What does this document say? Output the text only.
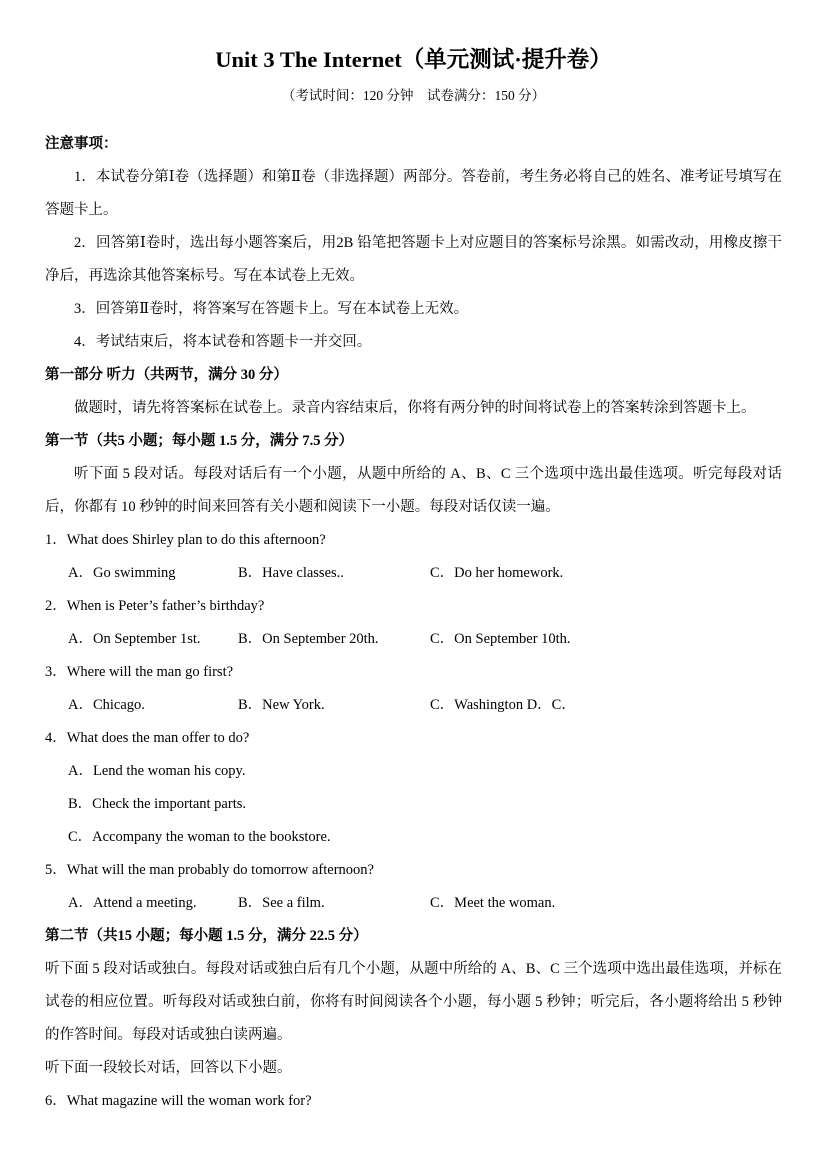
Unit 3 The Internet（单元测试·提升卷）

（考试时间：120 分钟　试卷满分：150 分）

注意事项：

1．本试卷分第Ⅰ卷（选择题）和第Ⅱ卷（非选择题）两部分。答卷前，考生务必将自己的姓名、准考证号填写在答题卡上。

2．回答第Ⅰ卷时，选出每小题答案后，用2B 铅笔把答题卡上对应题目的答案标号涂黑。如需改动，用橡皮擦干净后，再选涂其他答案标号。写在本试卷上无效。

3．回答第Ⅱ卷时，将答案写在答题卡上。写在本试卷上无效。

4．考试结束后，将本试卷和答题卡一并交回。

第一部分 听力（共两节，满分 30 分）

做题时，请先将答案标在试卷上。录音内容结束后，你将有两分钟的时间将试卷上的答案转涂到答题卡上。

第一节（共5 小题；每小题 1.5 分，满分 7.5 分）

听下面 5 段对话。每段对话后有一个小题，从题中所给的 A、B、C 三个选项中选出最佳选项。听完每段对话后，你都有 10 秒钟的时间来回答有关小题和阅读下一小题。每段对话仅读一遍。

1．What does Shirley plan to do this afternoon?

A．Go swimming	B．Have classes..	C．Do her homework.

2．When is Peter’s father’s birthday?

A．On September 1st.	B．On September 20th.	C．On September 10th.

3．Where will the man go first?

A．Chicago.	B．New York.	C．Washington D．C．

4．What does the man offer to do?

A．Lend the woman his copy.

B．Check the important parts.

C．Accompany the woman to the bookstore.

5．What will the man probably do tomorrow afternoon?

A．Attend a meeting.	B．See a film.	C．Meet the woman.

第二节（共15 小题；每小题 1.5 分，满分 22.5 分）

听下面 5 段对话或独白。每段对话或独白后有几个小题，从题中所给的 A、B、C 三个选项中选出最佳选项，并标在试卷的相应位置。听每段对话或独白前，你将有时间阅读各个小题，每小题 5 秒钟；听完后，各小题将给出 5 秒钟的作答时间。每段对话或独白读两遍。

听下面一段较长对话，回答以下小题。

6．What magazine will the woman work for?
